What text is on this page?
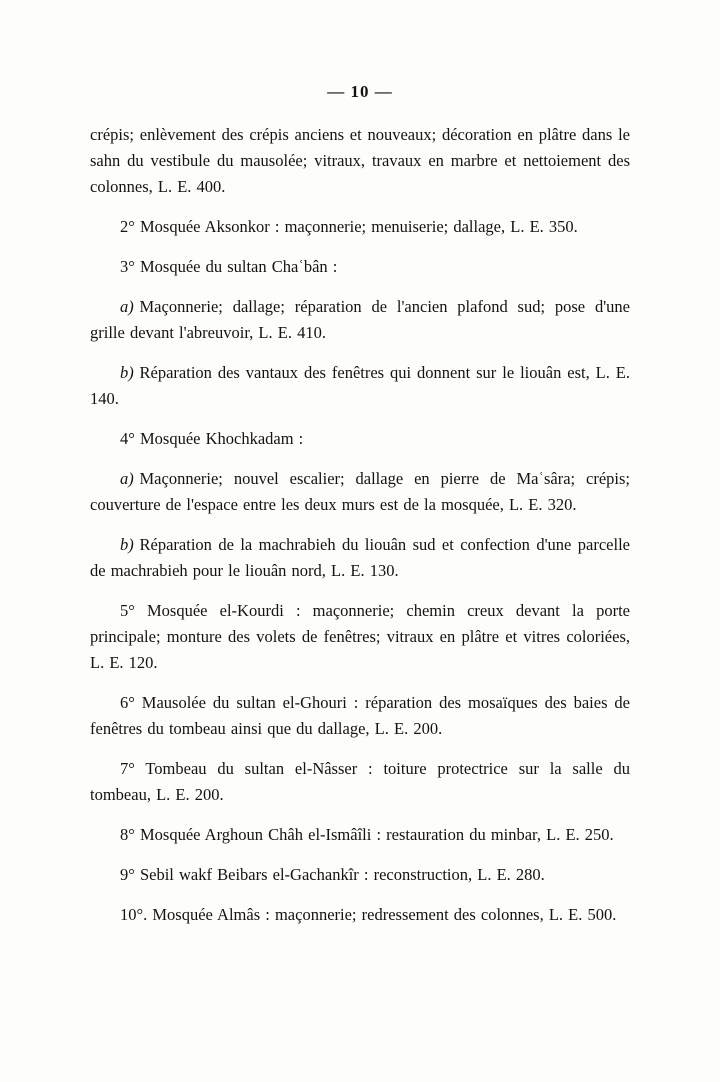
— 10 —

crépis; enlèvement des crépis anciens et nouveaux; décoration en plâtre dans le sahn du vestibule du mausolée; vitraux, travaux en marbre et nettoiement des colonnes, L. E. 400.

2° Mosquée Aksonkor : maçonnerie; menuiserie; dallage, L. E. 350.

3° Mosquée du sultan Chaʿbân :

a) Maçonnerie; dallage; réparation de l'ancien plafond sud; pose d'une grille devant l'abreuvoir, L. E. 410.

b) Réparation des vantaux des fenêtres qui donnent sur le liouân est, L. E. 140.

4° Mosquée Khochkadam :

a) Maçonnerie; nouvel escalier; dallage en pierre de Maʿsâra; crépis; couverture de l'espace entre les deux murs est de la mosquée, L. E. 320.

b) Réparation de la machrabieh du liouân sud et confection d'une parcelle de machrabieh pour le liouân nord, L. E. 130.

5° Mosquée el-Kourdi : maçonnerie; chemin creux devant la porte principale; monture des volets de fenêtres; vitraux en plâtre et vitres coloriées, L. E. 120.

6° Mausolée du sultan el-Ghouri : réparation des mosaïques des baies de fenêtres du tombeau ainsi que du dallage, L. E. 200.

7° Tombeau du sultan el-Nâsser : toiture protectrice sur la salle du tombeau, L. E. 200.

8° Mosquée Arghoun Châh el-Ismâîli : restauration du minbar, L. E. 250.

9° Sebil wakf Beibars el-Gachankîr : reconstruction, L. E. 280.

10°. Mosquée Almâs : maçonnerie; redressement des colonnes, L. E. 500.
